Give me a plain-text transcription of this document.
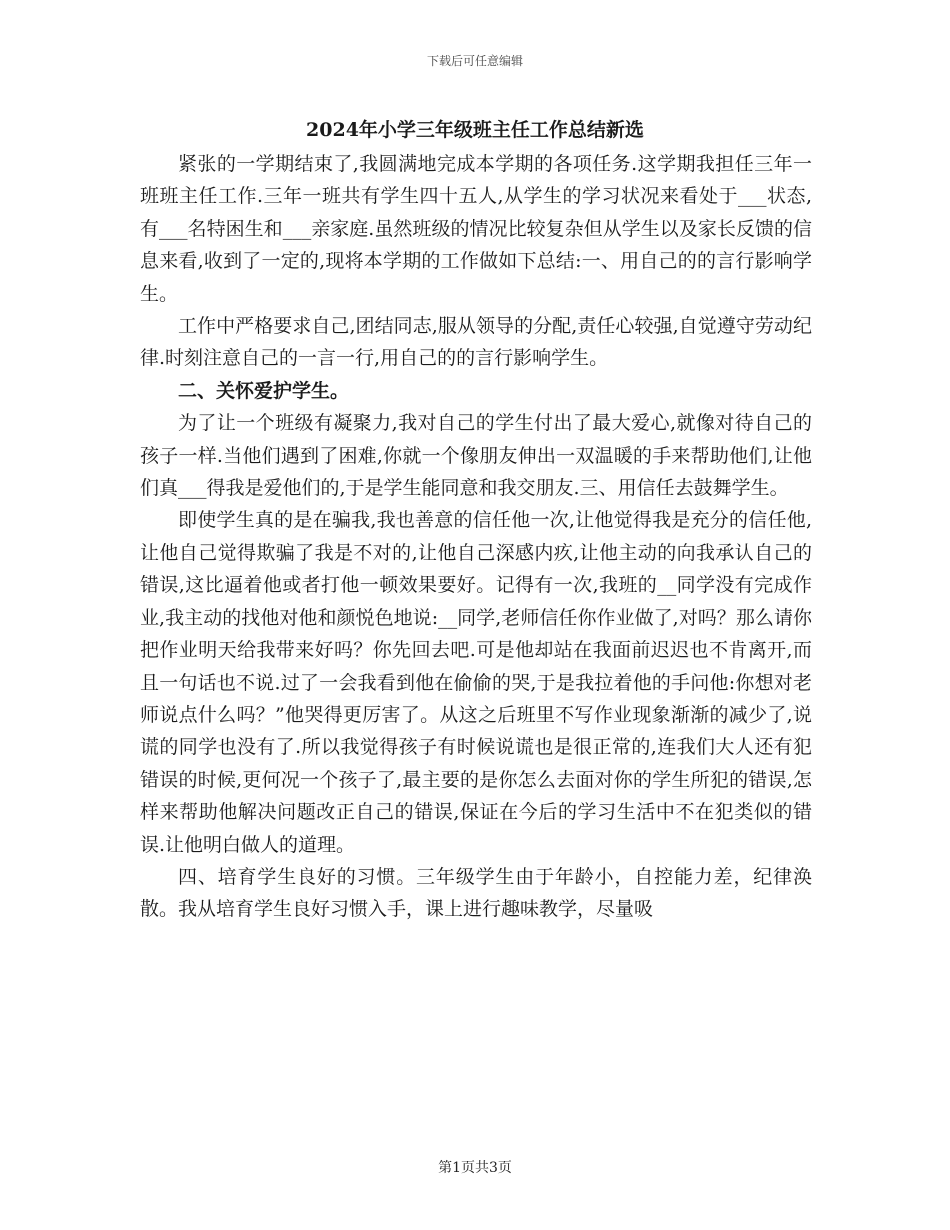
下载后可任意编辑
2024年小学三年级班主任工作总结新选

紧张的一学期结束了,我圆满地完成本学期的各项任务.这学期我担任三年一班班主任工作.三年一班共有学生四十五人,从学生的学习状况来看处于___状态,有___名特困生和___亲家庭.虽然班级的情况比较复杂但从学生以及家长反馈的信息来看,收到了一定的,现将本学期的工作做如下总结:一、用自己的的言行影响学生。

工作中严格要求自己,团结同志,服从领导的分配,责任心较强,自觉遵守劳动纪律.时刻注意自己的一言一行,用自己的的言行影响学生。

二、关怀爱护学生。

为了让一个班级有凝聚力,我对自己的学生付出了最大爱心,就像对待自己的孩子一样.当他们遇到了困难,你就一个像朋友伸出一双温暖的手来帮助他们,让他们真___得我是爱他们的,于是学生能同意和我交朋友.三、用信任去鼓舞学生。

即使学生真的是在骗我,我也善意的信任他一次,让他觉得我是充分的信任他,让他自己觉得欺骗了我是不对的,让他自己深感内疚,让他主动的向我承认自己的错误,这比逼着他或者打他一顿效果要好。记得有一次,我班的__同学没有完成作业,我主动的找他对他和颜悦色地说:__同学,老师信任你作业做了,对吗？那么请你把作业明天给我带来好吗？你先回去吧.可是他却站在我面前迟迟也不肯离开,而且一句话也不说.过了一会我看到他在偷偷的哭,于是我拉着他的手问他:你想对老师说点什么吗？”他哭得更厉害了。从这之后班里不写作业现象渐渐的减少了,说谎的同学也没有了.所以我觉得孩子有时候说谎也是很正常的,连我们大人还有犯错误的时候,更何况一个孩子了,最主要的是你怎么去面对你的学生所犯的错误,怎样来帮助他解决问题改正自己的错误,保证在今后的学习生活中不在犯类似的错误.让他明白做人的道理。

四、培育学生良好的习惯。三年级学生由于年龄小，自控能力差，纪律涣散。我从培育学生良好习惯入手，课上进行趣味教学，尽量吸

第1页共3页
